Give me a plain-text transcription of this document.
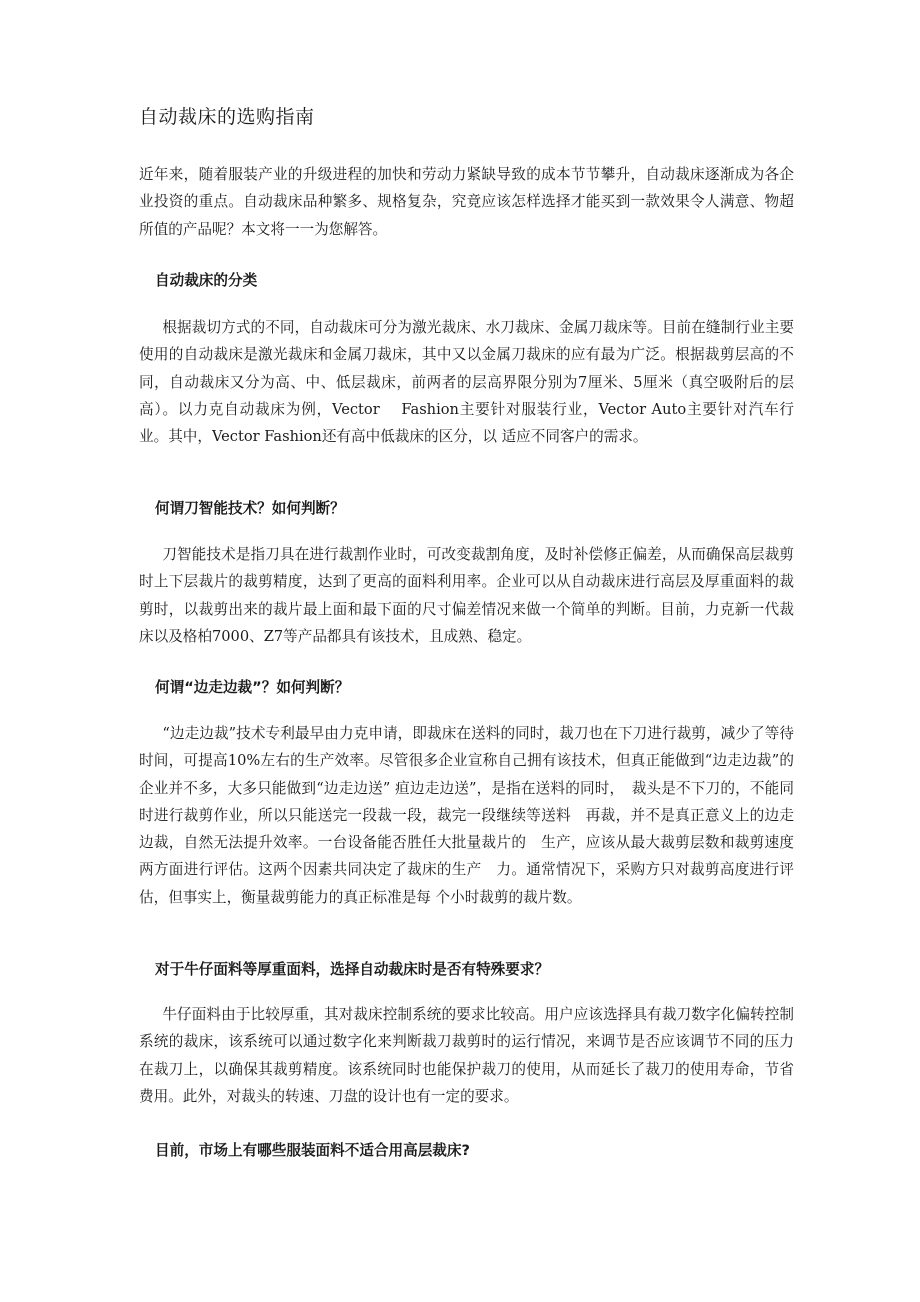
自动裁床的选购指南

近年来，随着服装产业的升级进程的加快和劳动力紧缺导致的成本节节攀升，自动裁床逐渐成为各企业投资的重点。自动裁床品种繁多、规格复杂，究竟应该怎样选择才能买到一款效果令人满意、物超所值的产品呢？本文将一一为您解答。

自动裁床的分类

根据裁切方式的不同，自动裁床可分为激光裁床、水刀裁床、金属刀裁床等。目前在缝制行业主要使用的自动裁床是激光裁床和金属刀裁床，其中又以金属刀裁床的应有最为广泛。根据裁剪层高的不同，自动裁床又分为高、中、低层裁床，前两者的层高界限分别为7厘米、5厘米（真空吸附后的层高）。以力克自动裁床为例，Vector　 Fashion主要针对服装行业，Vector Auto主要针对汽车行业。其中，Vector Fashion还有高中低裁床的区分，以 适应不同客户的需求。

何谓刀智能技术？如何判断？

刀智能技术是指刀具在进行裁割作业时，可改变裁割角度，及时补偿修正偏差，从而确保高层裁剪时上下层裁片的裁剪精度，达到了更高的面料利用率。企业可以从自动裁床进行高层及厚重面料的裁剪时，以裁剪出来的裁片最上面和最下面的尺寸偏差情况来做一个简单的判断。目前，力克新一代裁床以及格柏7000、Z7等产品都具有该技术，且成熟、稳定。

何谓“边走边裁”？如何判断？

“边走边裁”技术专利最早由力克申请，即裁床在送料的同时，裁刀也在下刀进行裁剪，减少了等待时间，可提高10%左右的生产效率。尽管很多企业宣称自己拥有该技术，但真正能做到“边走边裁”的企业并不多，大多只能做到“边走边送” 疸边走边送”，是指在送料的同时，　裁头是不下刀的，不能同时进行裁剪作业，所以只能送完一段裁一段，裁完一段继续等送料　再裁，并不是真正意义上的边走边裁，自然无法提升效率。一台设备能否胜任大批量裁片的　生产，应该从最大裁剪层数和裁剪速度两方面进行评估。这两个因素共同决定了裁床的生产　力。通常情况下，采购方只对裁剪高度进行评估，但事实上，衡量裁剪能力的真正标准是每 个小时裁剪的裁片数。

对于牛仔面料等厚重面料，选择自动裁床时是否有特殊要求？

牛仔面料由于比较厚重，其对裁床控制系统的要求比较高。用户应该选择具有裁刀数字化偏转控制系统的裁床，该系统可以通过数字化来判断裁刀裁剪时的运行情况，来调节是否应该调节不同的压力在裁刀上，以确保其裁剪精度。该系统同时也能保护裁刀的使用，从而延长了裁刀的使用寿命，节省费用。此外，对裁头的转速、刀盘的设计也有一定的要求。

目前，市场上有哪些服装面料不适合用高层裁床?
